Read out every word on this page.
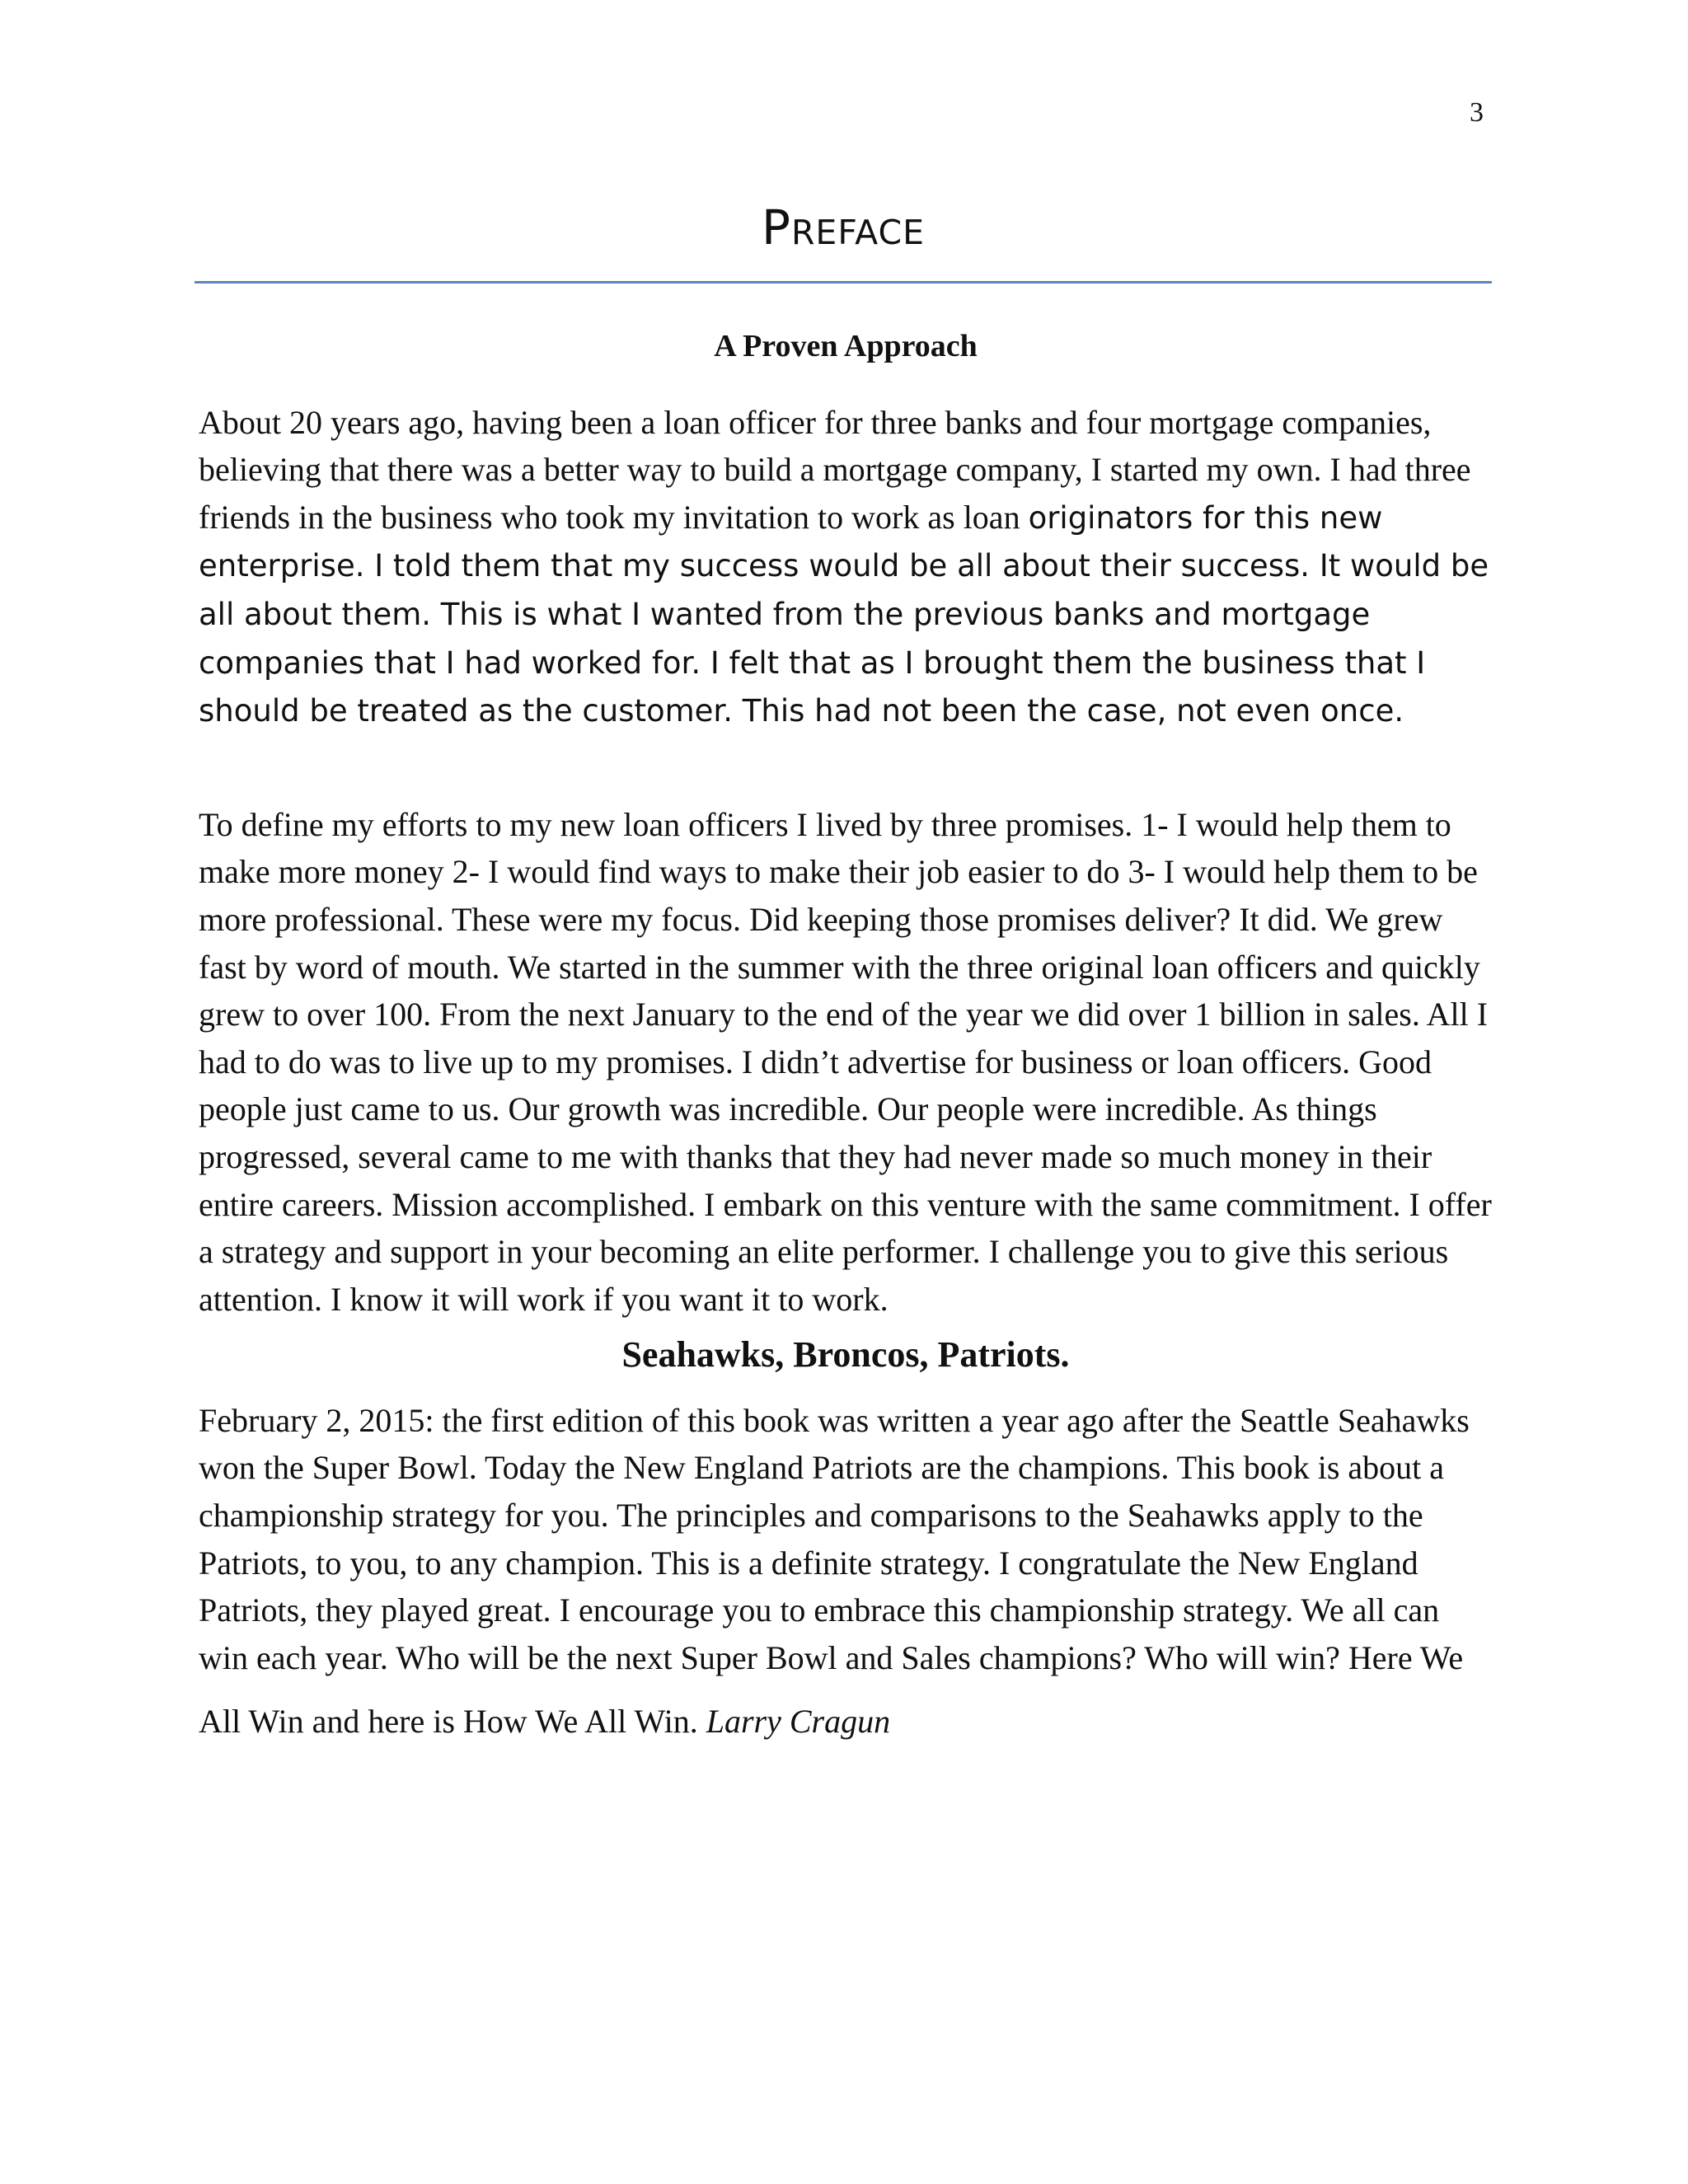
3
Preface
A Proven Approach

About 20 years ago, having been a loan officer for three banks and four mortgage companies, believing that there was a better way to build a mortgage company, I started my own. I had three friends in the business who took my invitation to work as loan originators for this new enterprise. I told them that my success would be all about their success. It would be all about them. This is what I wanted from the previous banks and mortgage companies that I had worked for. I felt that as I brought them the business that I should be treated as the customer. This had not been the case, not even once.

To define my efforts to my new loan officers I lived by three promises. 1- I would help them to make more money 2- I would find ways to make their job easier to do 3- I would help them to be more professional. These were my focus. Did keeping those promises deliver? It did. We grew fast by word of mouth. We started in the summer with the three original loan officers and quickly grew to over 100. From the next January to the end of the year we did over 1 billion in sales. All I had to do was to live up to my promises. I didn’t advertise for business or loan officers. Good people just came to us. Our growth was incredible. Our people were incredible. As things progressed, several came to me with thanks that they had never made so much money in their entire careers. Mission accomplished. I embark on this venture with the same commitment. I offer a strategy and support in your becoming an elite performer. I challenge you to give this serious attention. I know it will work if you want it to work.

Seahawks, Broncos, Patriots.

February 2, 2015: the first edition of this book was written a year ago after the Seattle Seahawks won the Super Bowl. Today the New England Patriots are the champions. This book is about a championship strategy for you. The principles and comparisons to the Seahawks apply to the Patriots, to you, to any champion. This is a definite strategy. I congratulate the New England Patriots, they played great. I encourage you to embrace this championship strategy. We all can win each year. Who will be the next Super Bowl and Sales champions? Who will win? Here We

All Win and here is How We All Win. Larry Cragun
